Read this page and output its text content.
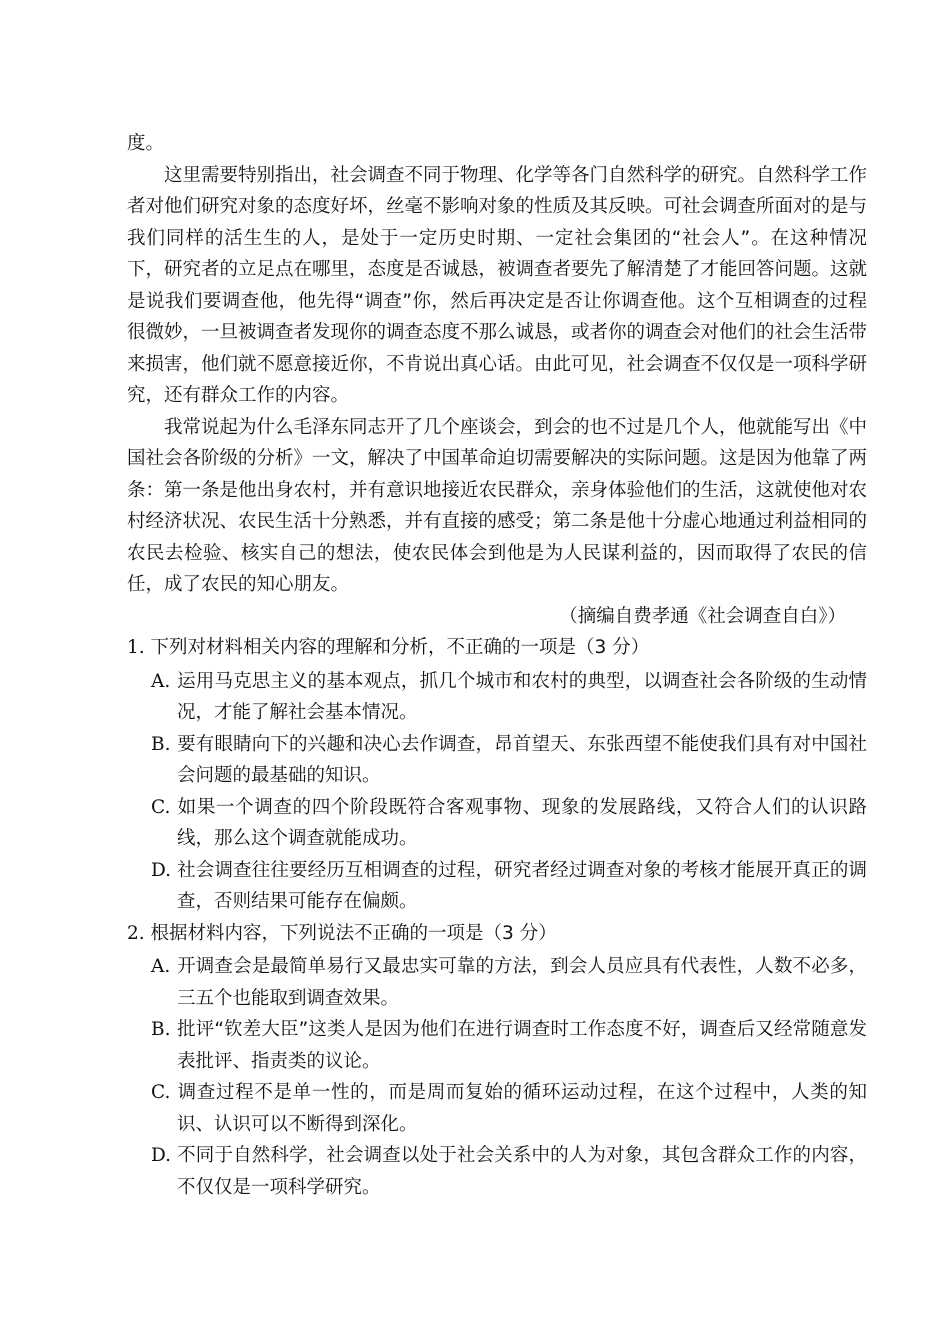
度。

这里需要特别指出，社会调查不同于物理、化学等各门自然科学的研究。自然科学工作者对他们研究对象的态度好坏，丝毫不影响对象的性质及其反映。可社会调查所面对的是与我们同样的活生生的人，是处于一定历史时期、一定社会集团的“社会人”。在这种情况下，研究者的立足点在哪里，态度是否诚恳，被调查者要先了解清楚了才能回答问题。这就是说我们要调查他，他先得“调查”你，然后再决定是否让你调查他。这个互相调查的过程很微妙，一旦被调查者发现你的调查态度不那么诚恳，或者你的调查会对他们的社会生活带来损害，他们就不愿意接近你，不肯说出真心话。由此可见，社会调查不仅仅是一项科学研究，还有群众工作的内容。

我常说起为什么毛泽东同志开了几个座谈会，到会的也不过是几个人，他就能写出《中国社会各阶级的分析》一文，解决了中国革命迫切需要解决的实际问题。这是因为他靠了两条：第一条是他出身农村，并有意识地接近农民群众，亲身体验他们的生活，这就使他对农村经济状况、农民生活十分熟悉，并有直接的感受；第二条是他十分虚心地通过利益相同的农民去检验、核实自己的想法，使农民体会到他是为人民谋利益的，因而取得了农民的信任，成了农民的知心朋友。

（摘编自费孝通《社会调查自白》）

1. 下列对材料相关内容的理解和分析，不正确的一项是（3 分）

A. 运用马克思主义的基本观点，抓几个城市和农村的典型，以调查社会各阶级的生动情况，才能了解社会基本情况。

B. 要有眼睛向下的兴趣和决心去作调查，昂首望天、东张西望不能使我们具有对中国社会问题的最基础的知识。

C. 如果一个调查的四个阶段既符合客观事物、现象的发展路线，又符合人们的认识路线，那么这个调查就能成功。

D. 社会调查往往要经历互相调查的过程，研究者经过调查对象的考核才能展开真正的调查，否则结果可能存在偏颇。

2. 根据材料内容，下列说法不正确的一项是（3 分）

A. 开调查会是最简单易行又最忠实可靠的方法，到会人员应具有代表性，人数不必多，三五个也能取到调查效果。

B. 批评“钦差大臣”这类人是因为他们在进行调查时工作态度不好，调查后又经常随意发表批评、指责类的议论。

C. 调查过程不是单一性的，而是周而复始的循环运动过程，在这个过程中，人类的知识、认识可以不断得到深化。

D. 不同于自然科学，社会调查以处于社会关系中的人为对象，其包含群众工作的内容，不仅仅是一项科学研究。
